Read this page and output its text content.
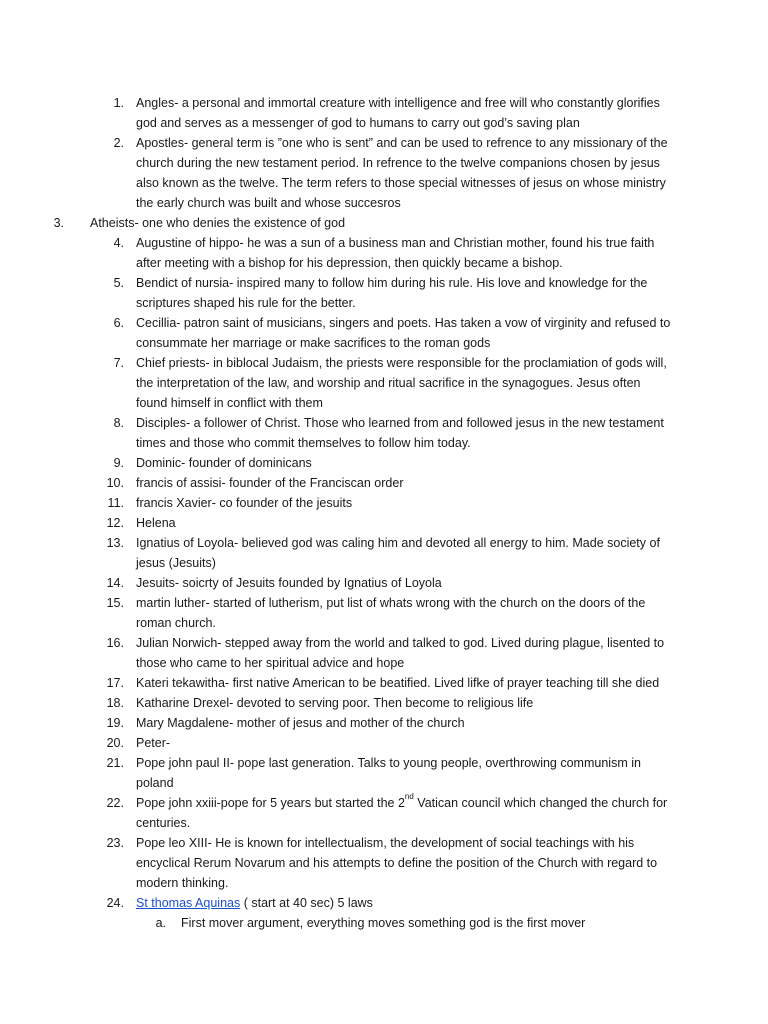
1. Angles- a personal and immortal creature with intelligence and free will who constantly glorifies
god and serves as a messenger of god to humans to carry out god’s saving plan
2. Apostles- general term is ”one who is sent” and can be used to refrence to any missionary of the
church during the new testament period. In refrence to the twelve companions chosen by jesus
also known as the twelve. The term refers to those special witnesses of jesus on whose ministry
the early church was built and whose succesros
3. Atheists- one who denies the existence of god
4. Augustine of hippo- he was a sun of a business man and Christian mother, found his true faith
after meeting with a bishop for his depression, then quickly became a bishop.
5. Bendict of nursia- inspired many to follow him during his rule. His love and knowledge for the
scriptures shaped his rule for the better.
6. Cecillia- patron saint of musicians, singers and poets. Has taken a vow of virginity and refused to
consummate her marriage or make sacrifices to the roman gods
7. Chief priests- in biblocal Judaism, the priests were responsible for the proclamiation of gods will,
the interpretation of the law, and worship and ritual sacrifice in the synagogues. Jesus often
found himself in conflict with them
8. Disciples- a follower of Christ. Those who learned from and followed jesus in the new testament
times and those who commit themselves to follow him today.
9. Dominic- founder of dominicans
10. francis of assisi- founder of the Franciscan order
11. francis Xavier- co founder of the jesuits
12. Helena
13. Ignatius of Loyola- believed god was caling him and devoted all energy to him. Made society of
jesus (Jesuits)
14. Jesuits- soicrty of Jesuits founded by Ignatius of Loyola
15. martin luther- started of lutherism, put list of whats wrong with the church on the doors of the
roman church.
16. Julian Norwich- stepped away from the world and talked to god. Lived during plague, lisented to
those who came to her spiritual advice and hope
17. Kateri tekawitha- first native American to be beatified. Lived lifke of prayer teaching till she died
18. Katharine Drexel- devoted to serving poor. Then become to religious life
19. Mary Magdalene- mother of jesus and mother of the church
20. Peter-
21. Pope john paul II- pope last generation. Talks to young people, overthrowing communism in
poland
22. Pope john xxiii-pope for 5 years but started the 2nd Vatican council which changed the church for
centuries.
23. Pope leo XIII- He is known for intellectualism, the development of social teachings with his
encyclical Rerum Novarum and his attempts to define the position of the Church with regard to
modern thinking.
24. St thomas Aquinas ( start at 40 sec) 5 laws
a. First mover argument, everything moves something god is the first mover
